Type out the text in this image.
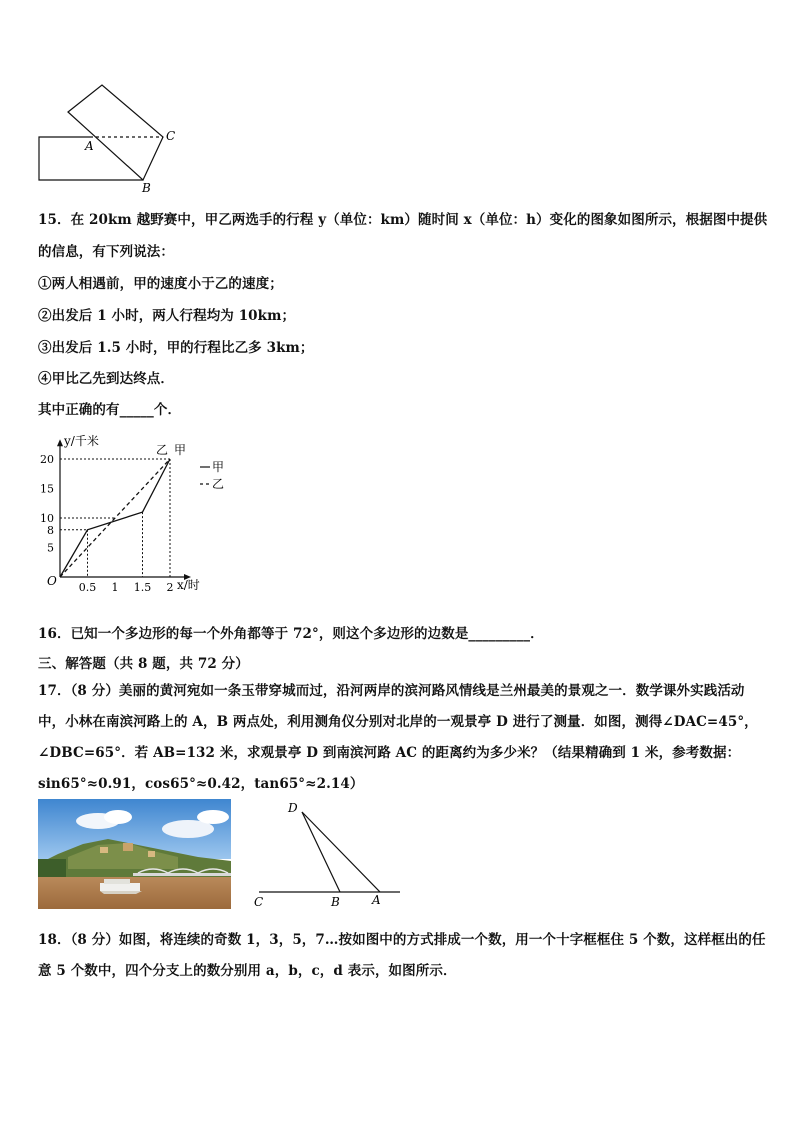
A
C
B
15．在 20km 越野赛中，甲乙两选手的行程 y（单位：km）随时间 x（单位：h）变化的图象如图所示，根据图中提供
的信息，有下列说法：
①两人相遇前，甲的速度小于乙的速度；
②出发后 1 小时，两人行程均为 10km；
③出发后 1.5 小时，甲的行程比乙多 3km；
④甲比乙先到达终点．
其中正确的有_____个．
y/千米
x/时
O
5
8
10
15
20
0.5 1 1.5 2
乙 甲
甲
乙
16．已知一个多边形的每一个外角都等于 72°，则这个多边形的边数是_________．
三、解答题（共 8 题，共 72 分）
17．（8 分）美丽的黄河宛如一条玉带穿城而过，沿河两岸的滨河路风情线是兰州最美的景观之一．数学课外实践活动
中，小林在南滨河路上的 A，B 两点处，利用测角仪分别对北岸的一观景亭 D 进行了测量．如图，测得∠DAC=45°，
∠DBC=65°．若 AB=132 米，求观景亭 D 到南滨河路 AC 的距离约为多少米？（结果精确到 1 米，参考数据：
sin65°≈0.91，cos65°≈0.42，tan65°≈2.14）
D
C	B	A
18．（8 分）如图，将连续的奇数 1，3，5，7…按如图中的方式排成一个数，用一个十字框框住 5 个数，这样框出的任
意 5 个数中，四个分支上的数分别用 a，b，c，d 表示，如图所示．
